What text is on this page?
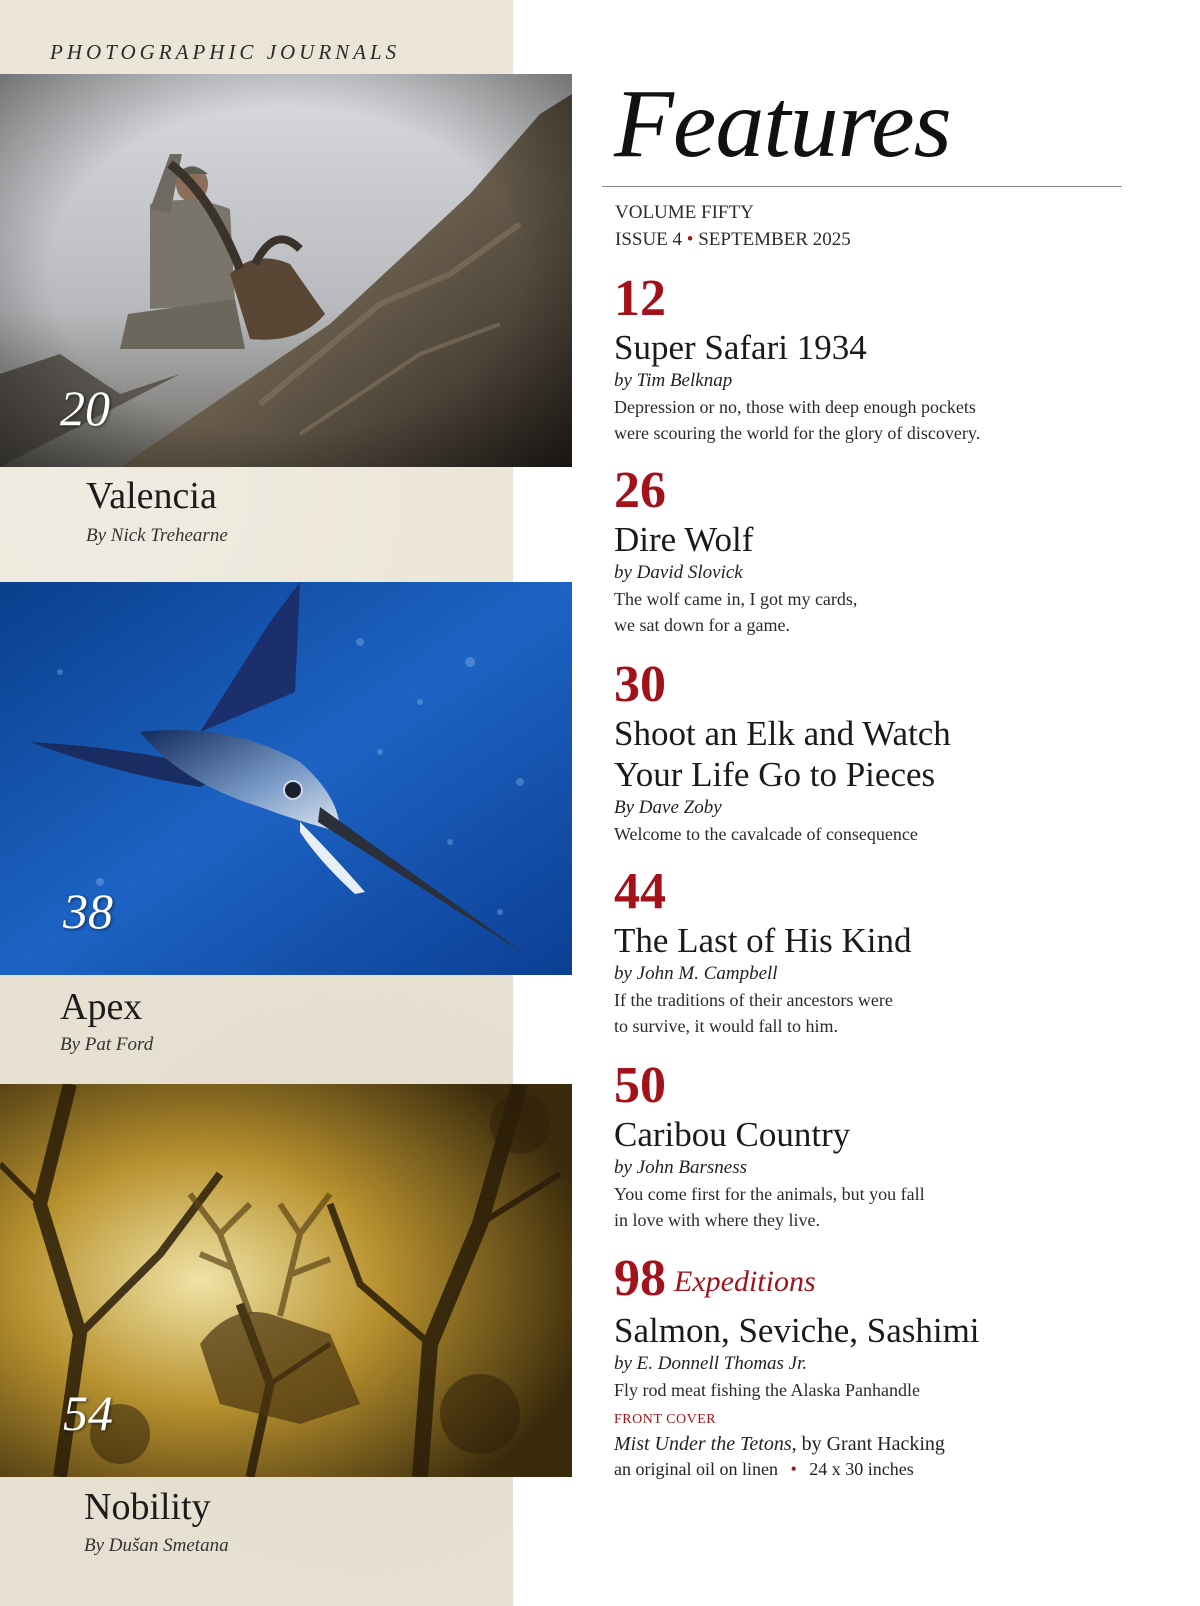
PHOTOGRAPHIC JOURNALS
20
Valencia
By Nick Trehearne
38
Apex
By Pat Ford
54
Nobility
By Dušan Smetana
Features
VOLUME FIFTY
ISSUE 4 • SEPTEMBER 2025
12
Super Safari 1934
by Tim Belknap
Depression or no, those with deep enough pockets
were scouring the world for the glory of discovery.
26
Dire Wolf
by David Slovick
The wolf came in, I got my cards,
we sat down for a game.
30
Shoot an Elk and Watch
Your Life Go to Pieces
By Dave Zoby
Welcome to the cavalcade of consequence
44
The Last of His Kind
by John M. Campbell
If the traditions of their ancestors were
to survive, it would fall to him.
50
Caribou Country
by John Barsness
You come first for the animals, but you fall
in love with where they live.
98 Expeditions
Salmon, Seviche, Sashimi
by E. Donnell Thomas Jr.
Fly rod meat fishing the Alaska Panhandle
FRONT COVER
Mist Under the Tetons, by Grant Hacking
an original oil on linen • 24 x 30 inches
